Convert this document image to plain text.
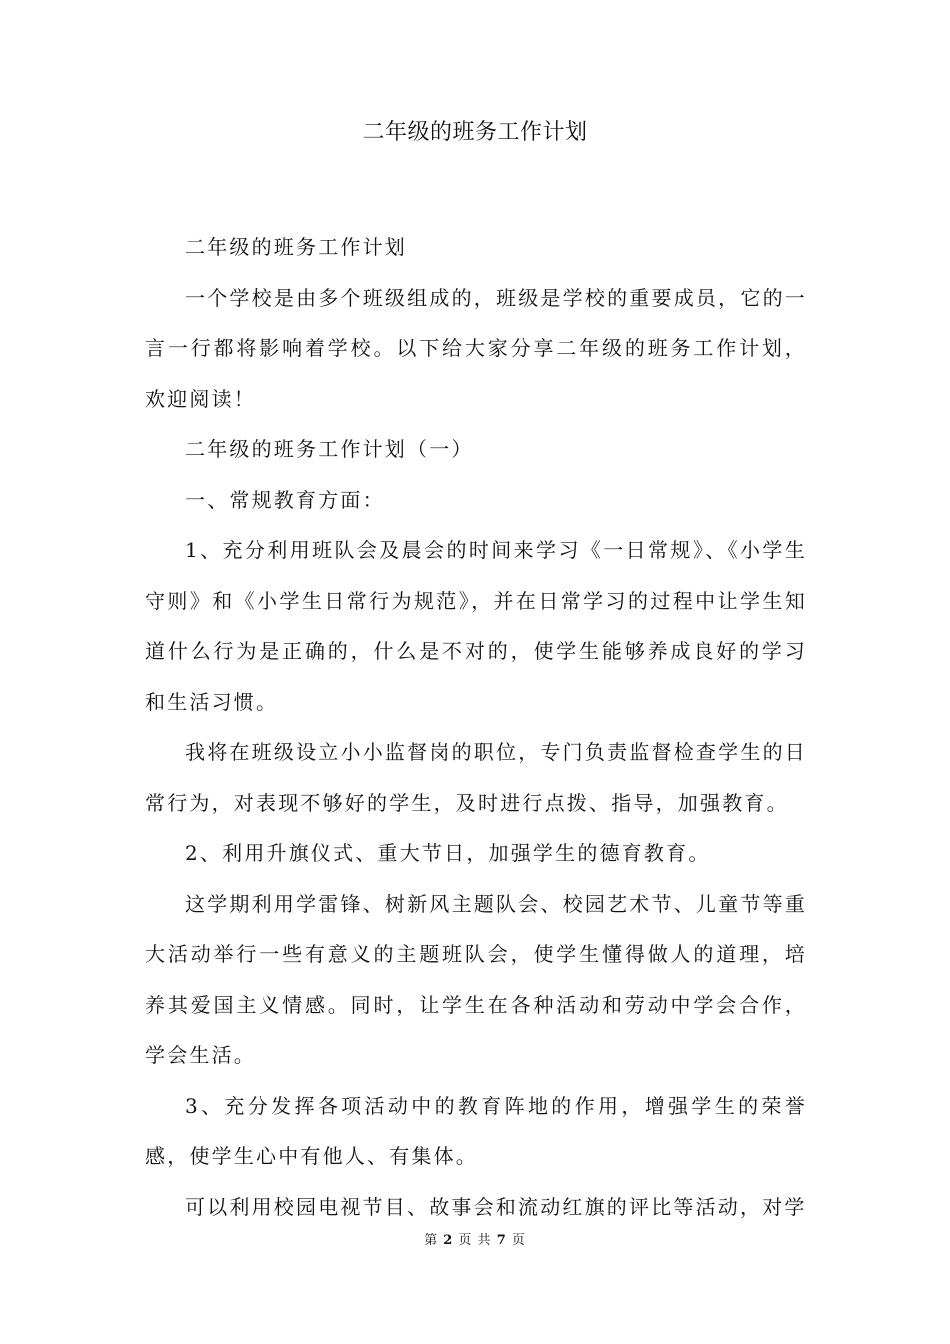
二年级的班务工作计划

二年级的班务工作计划

一个学校是由多个班级组成的，班级是学校的重要成员，它的一言一行都将影响着学校。以下给大家分享二年级的班务工作计划，欢迎阅读！

二年级的班务工作计划（一）

一、常规教育方面：

1、充分利用班队会及晨会的时间来学习《一日常规》、《小学生守则》和《小学生日常行为规范》，并在日常学习的过程中让学生知道什么行为是正确的，什么是不对的，使学生能够养成良好的学习和生活习惯。

我将在班级设立小小监督岗的职位，专门负责监督检查学生的日常行为，对表现不够好的学生，及时进行点拨、指导，加强教育。

2、利用升旗仪式、重大节日，加强学生的德育教育。

这学期利用学雷锋、树新风主题队会、校园艺术节、儿童节等重大活动举行一些有意义的主题班队会，使学生懂得做人的道理，培养其爱国主义情感。同时，让学生在各种活动和劳动中学会合作，学会生活。

3、充分发挥各项活动中的教育阵地的作用，增强学生的荣誉感，使学生心中有他人、有集体。

可以利用校园电视节目、故事会和流动红旗的评比等活动，对学

第 2 页 共 7 页
